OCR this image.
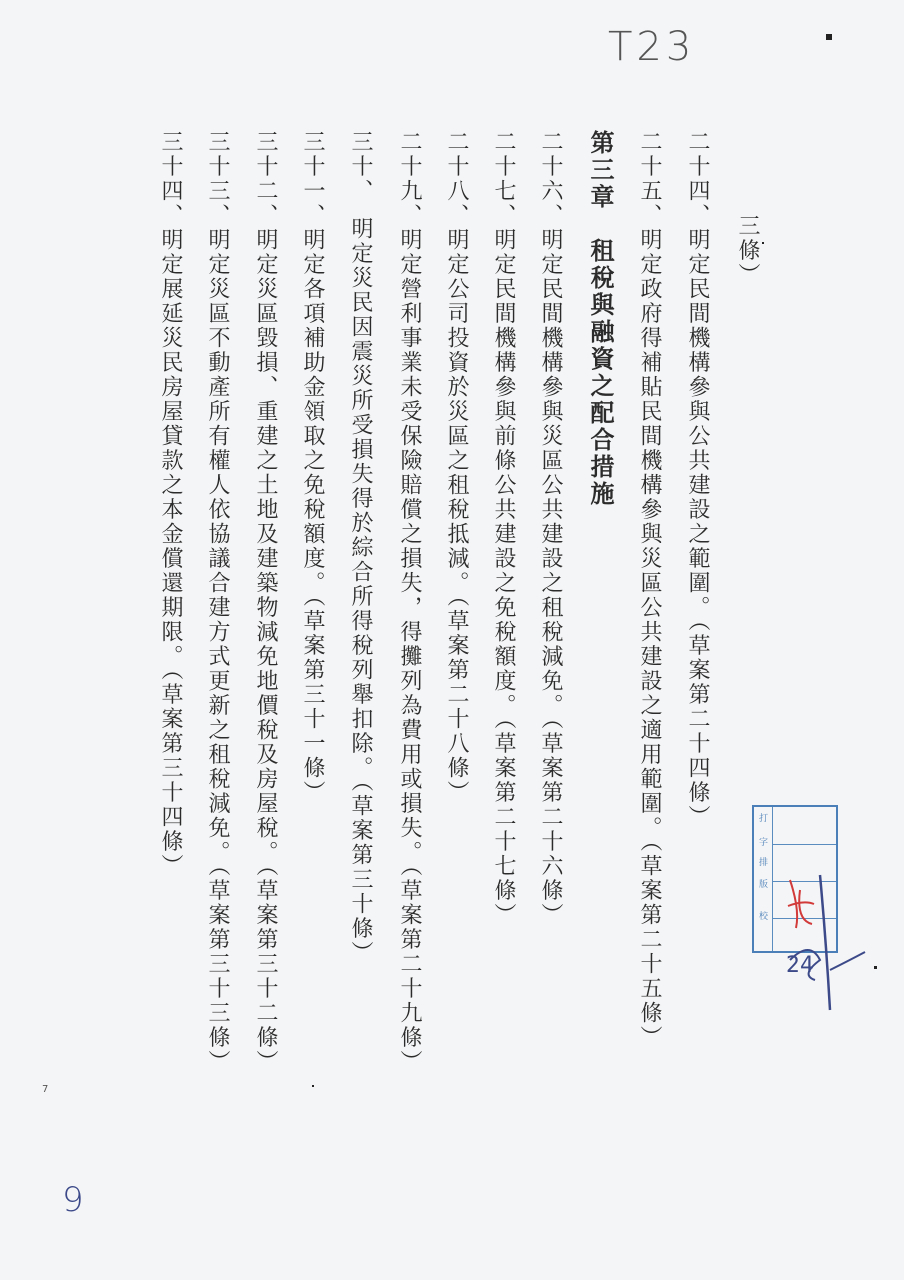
三條）
二十四、明定民間機構參與公共建設之範圍。（草案第二十四條）
二十五、明定政府得補貼民間機構參與災區公共建設之適用範圍。（草案第二十五條）
第三章　租稅與融資之配合措施
二十六、明定民間機構參與災區公共建設之租稅減免。（草案第二十六條）
二十七、明定民間機構參與前條公共建設之免稅額度。（草案第二十七條）
二十八、明定公司投資於災區之租稅抵減。（草案第二十八條）
二十九、明定營利事業未受保險賠償之損失，得攤列為費用或損失。（草案第二十九條）
三十、　明定災民因震災所受損失得於綜合所得稅列舉扣除。（草案第三十條）
三十一、明定各項補助金領取之免稅額度。（草案第三十一條）
三十二、明定災區毀損、重建之土地及建築物減免地價稅及房屋稅。（草案第三十二條）
三十三、明定災區不動產所有權人依協議合建方式更新之租稅減免。（草案第三十三條）
三十四、明定展延災民房屋貸款之本金償還期限。（草案第三十四條）
T23
9
7
打
字
排
版
校
24
